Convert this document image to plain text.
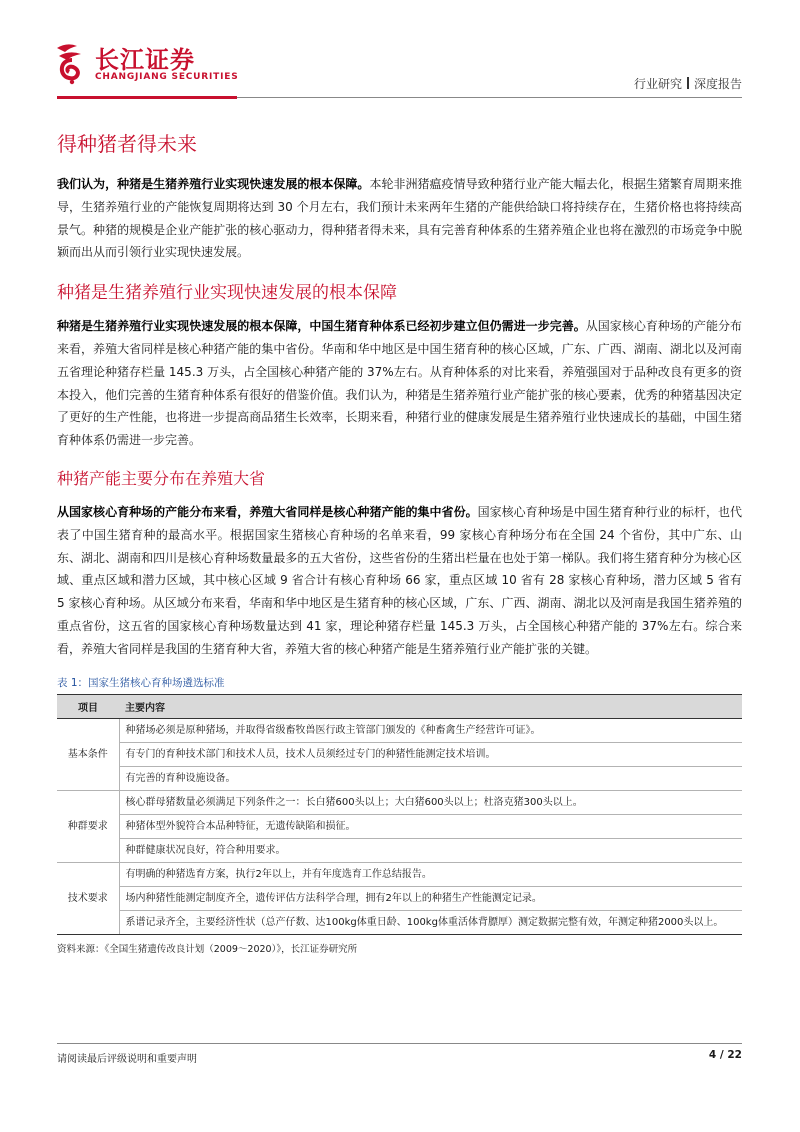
长江证券
CHANGJIANG SECURITIES	行业研究 深度报告
得种猪者得未来

我们认为，种猪是生猪养殖行业实现快速发展的根本保障。本轮非洲猪瘟疫情导致种猪行业产能大幅去化，根据生猪繁育周期来推导，生猪养殖行业的产能恢复周期将达到 30 个月左右，我们预计未来两年生猪的产能供给缺口将持续存在，生猪价格也将持续高景气。种猪的规模是企业产能扩张的核心驱动力，得种猪者得未来，具有完善育种体系的生猪养殖企业也将在激烈的市场竞争中脱颖而出从而引领行业实现快速发展。

种猪是生猪养殖行业实现快速发展的根本保障

种猪是生猪养殖行业实现快速发展的根本保障，中国生猪育种体系已经初步建立但仍需进一步完善。从国家核心育种场的产能分布来看，养殖大省同样是核心种猪产能的集中省份。华南和华中地区是中国生猪育种的核心区域，广东、广西、湖南、湖北以及河南五省理论种猪存栏量 145.3 万头，占全国核心种猪产能的 37%左右。从育种体系的对比来看，养殖强国对于品种改良有更多的资本投入，他们完善的生猪育种体系有很好的借鉴价值。我们认为，种猪是生猪养殖行业产能扩张的核心要素，优秀的种猪基因决定了更好的生产性能，也将进一步提高商品猪生长效率，长期来看，种猪行业的健康发展是生猪养殖行业快速成长的基础，中国生猪育种体系仍需进一步完善。

种猪产能主要分布在养殖大省

从国家核心育种场的产能分布来看，养殖大省同样是核心种猪产能的集中省份。国家核心育种场是中国生猪育种行业的标杆，也代表了中国生猪育种的最高水平。根据国家生猪核心育种场的名单来看，99 家核心育种场分布在全国 24 个省份，其中广东、山东、湖北、湖南和四川是核心育种场数量最多的五大省份，这些省份的生猪出栏量在也处于第一梯队。我们将生猪育种分为核心区域、重点区域和潜力区域，其中核心区域 9 省合计有核心育种场 66 家，重点区域 10 省有 28 家核心育种场，潜力区域 5 省有 5 家核心育种场。从区域分布来看，华南和华中地区是生猪育种的核心区域，广东、广西、湖南、湖北以及河南是我国生猪养殖的重点省份，这五省的国家核心育种场数量达到 41 家，理论种猪存栏量 145.3 万头，占全国核心种猪产能的 37%左右。综合来看，养殖大省同样是我国的生猪育种大省，养殖大省的核心种猪产能是生猪养殖行业产能扩张的关键。

表 1：国家生猪核心育种场遴选标准
项目	主要内容
基本条件	种猪场必须是原种猪场，并取得省级畜牧兽医行政主管部门颁发的《种畜禽生产经营许可证》。
	有专门的育种技术部门和技术人员，技术人员须经过专门的种猪性能测定技术培训。
	有完善的育种设施设备。
种群要求	核心群母猪数量必须满足下列条件之一：长白猪600头以上；大白猪600头以上；杜洛克猪300头以上。
	种猪体型外貌符合本品种特征，无遗传缺陷和损征。
	种群健康状况良好，符合种用要求。
技术要求	有明确的种猪选育方案，执行2年以上，并有年度选育工作总结报告。
	场内种猪性能测定制度齐全，遗传评估方法科学合理，拥有2年以上的种猪生产性能测定记录。
	系谱记录齐全，主要经济性状（总产仔数、达100kg体重日龄、100kg体重活体背膘厚）测定数据完整有效，年测定种猪2000头以上。
资料来源：《全国生猪遗传改良计划（2009～2020）》，长江证券研究所
请阅读最后评级说明和重要声明	4 / 22
